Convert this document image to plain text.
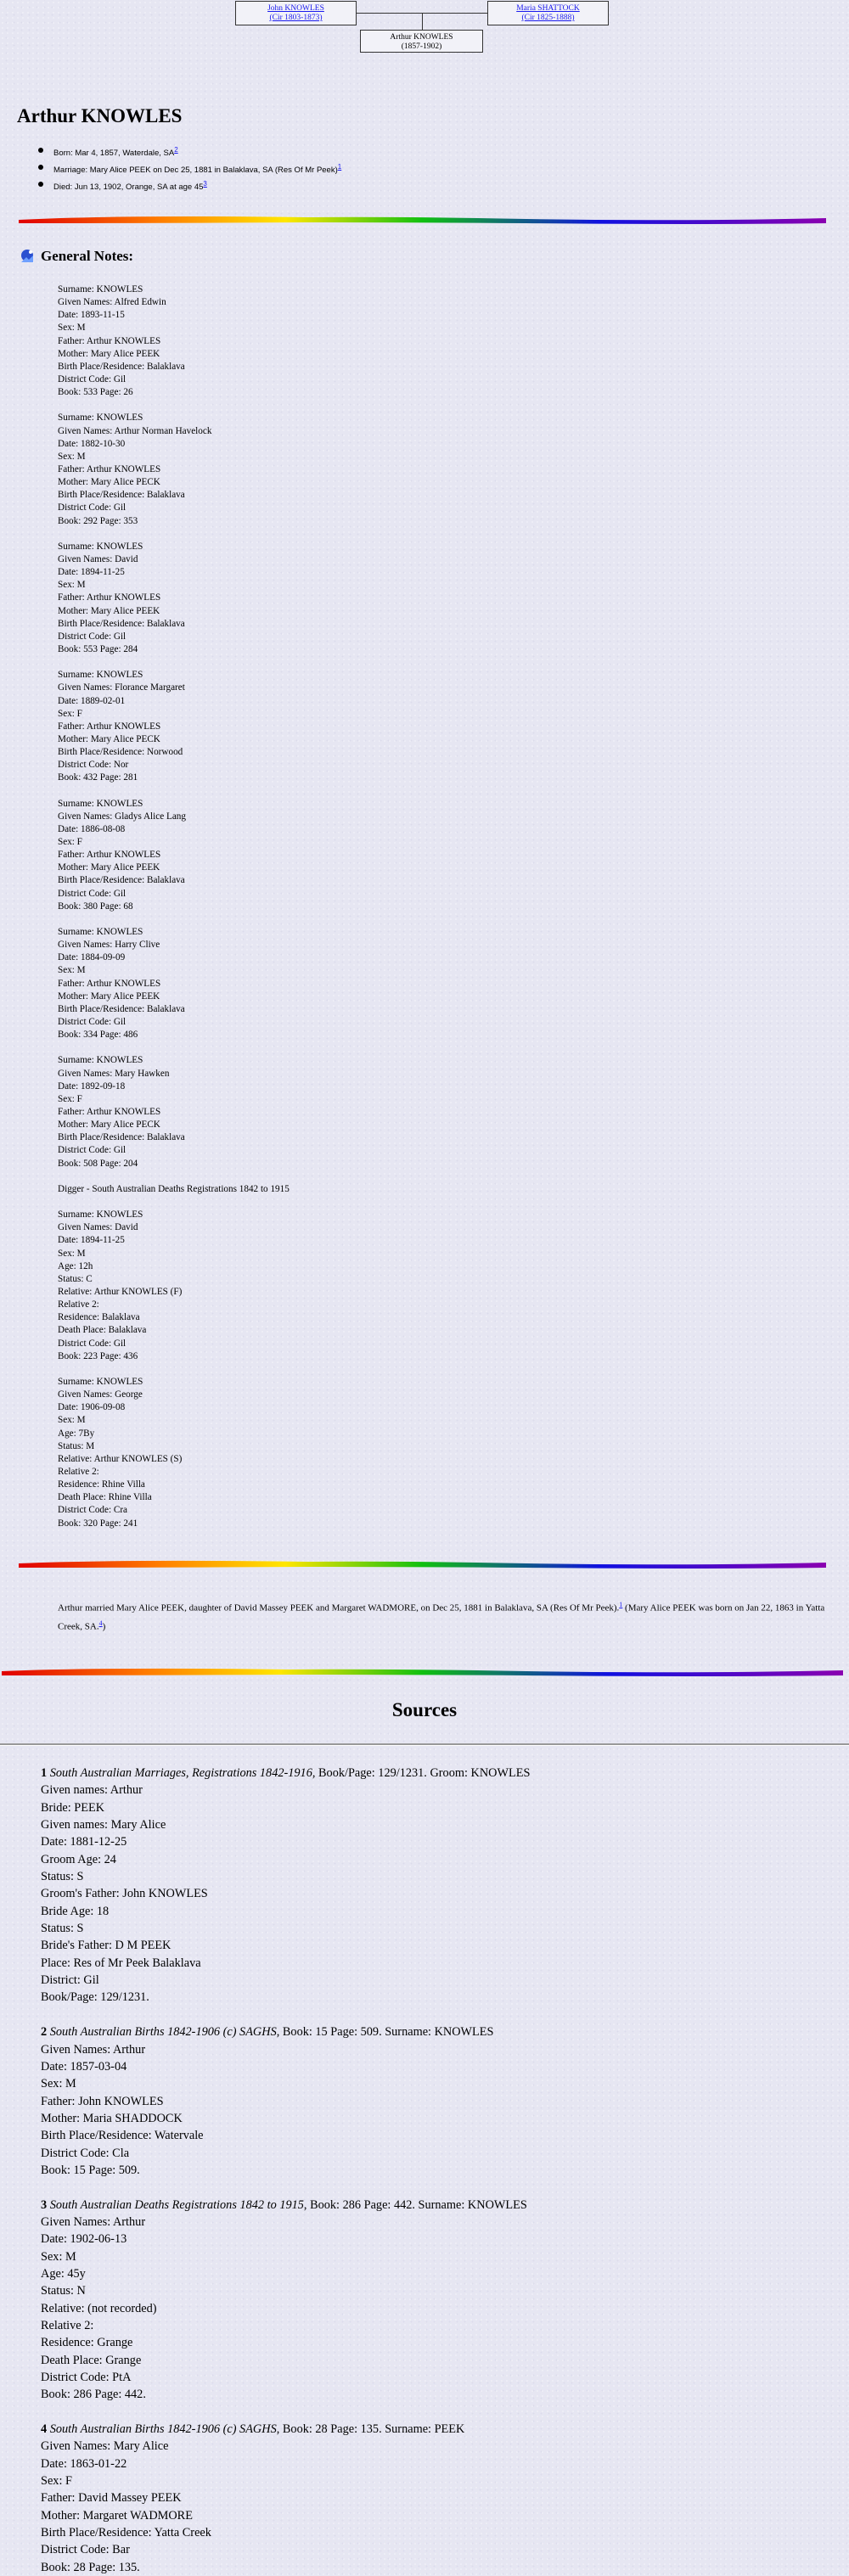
John KNOWLES
(Cir 1803-1873)
Maria SHATTOCK
(Cir 1825-1888)
Arthur KNOWLES
(1857-1902)
Arthur KNOWLES
Born: Mar 4, 1857, Waterdale, SA$^2$
Marriage: Mary Alice PEEK on Dec 25, 1881 in Balaklava, SA (Res Of Mr Peek)$^1$
Died: Jun 13, 1902, Orange, SA at age 45$^3$
General Notes:
Surname: KNOWLES
Given Names: Alfred Edwin
Date: 1893-11-15
Sex: M
Father: Arthur KNOWLES
Mother: Mary Alice PEEK
Birth Place/Residence: Balaklava
District Code: Gil
Book: 533 Page: 26
Surname: KNOWLES
Given Names: Arthur Norman Havelock
Date: 1882-10-30
Sex: M
Father: Arthur KNOWLES
Mother: Mary Alice PECK
Birth Place/Residence: Balaklava
District Code: Gil
Book: 292 Page: 353
Surname: KNOWLES
Given Names: David
Date: 1894-11-25
Sex: M
Father: Arthur KNOWLES
Mother: Mary Alice PEEK
Birth Place/Residence: Balaklava
District Code: Gil
Book: 553 Page: 284
Surname: KNOWLES
Given Names: Florance Margaret
Date: 1889-02-01
Sex: F
Father: Arthur KNOWLES
Mother: Mary Alice PECK
Birth Place/Residence: Norwood
District Code: Nor
Book: 432 Page: 281
Surname: KNOWLES
Given Names: Gladys Alice Lang
Date: 1886-08-08
Sex: F
Father: Arthur KNOWLES
Mother: Mary Alice PEEK
Birth Place/Residence: Balaklava
District Code: Gil
Book: 380 Page: 68
Surname: KNOWLES
Given Names: Harry Clive
Date: 1884-09-09
Sex: M
Father: Arthur KNOWLES
Mother: Mary Alice PEEK
Birth Place/Residence: Balaklava
District Code: Gil
Book: 334 Page: 486
Surname: KNOWLES
Given Names: Mary Hawken
Date: 1892-09-18
Sex: F
Father: Arthur KNOWLES
Mother: Mary Alice PECK
Birth Place/Residence: Balaklava
District Code: Gil
Book: 508 Page: 204
Digger - South Australian Deaths Registrations 1842 to 1915
Surname: KNOWLES
Given Names: David
Date: 1894-11-25
Sex: M
Age: 12h
Status: C
Relative: Arthur KNOWLES (F)
Relative 2:
Residence: Balaklava
Death Place: Balaklava
District Code: Gil
Book: 223 Page: 436
Surname: KNOWLES
Given Names: George
Date: 1906-09-08
Sex: M
Age: 7By
Status: M
Relative: Arthur KNOWLES (S)
Relative 2:
Residence: Rhine Villa
Death Place: Rhine Villa
District Code: Cra
Book: 320 Page: 241
Arthur married Mary Alice PEEK, daughter of David Massey PEEK and Margaret WADMORE, on Dec 25, 1881 in Balaklava, SA (Res Of Mr Peek).$^1$ (Mary Alice PEEK was born on Jan 22, 1863 in Yatta Creek, SA.$^4$)
Sources
1 South Australian Marriages, Registrations 1842-1916, Book/Page: 129/1231. Groom: KNOWLES
Given names: Arthur
Bride: PEEK
Given names: Mary Alice
Date: 1881-12-25
Groom Age: 24
Status: S
Groom's Father: John KNOWLES
Bride Age: 18
Status: S
Bride's Father: D M PEEK
Place: Res of Mr Peek Balaklava
District: Gil
Book/Page: 129/1231.
2 South Australian Births 1842-1906 (c) SAGHS, Book: 15 Page: 509. Surname: KNOWLES
Given Names: Arthur
Date: 1857-03-04
Sex: M
Father: John KNOWLES
Mother: Maria SHADDOCK
Birth Place/Residence: Watervale
District Code: Cla
Book: 15 Page: 509.
3 South Australian Deaths Registrations 1842 to 1915, Book: 286 Page: 442. Surname: KNOWLES
Given Names: Arthur
Date: 1902-06-13
Sex: M
Age: 45y
Status: N
Relative: (not recorded)
Relative 2:
Residence: Grange
Death Place: Grange
District Code: PtA
Book: 286 Page: 442.
4 South Australian Births 1842-1906 (c) SAGHS, Book: 28 Page: 135. Surname: PEEK
Given Names: Mary Alice
Date: 1863-01-22
Sex: F
Father: David Massey PEEK
Mother: Margaret WADMORE
Birth Place/Residence: Yatta Creek
District Code: Bar
Book: 28 Page: 135.
